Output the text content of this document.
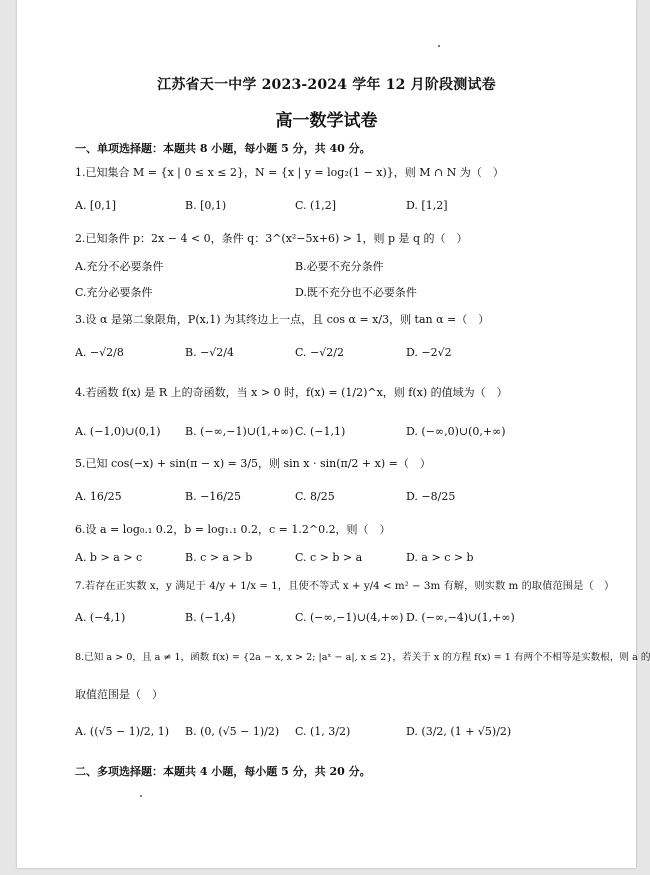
江苏省天一中学 2023-2024 学年 12 月阶段测试卷
高一数学试卷
一、单项选择题：本题共 8 小题，每小题 5 分，共 40 分。
1.已知集合 M = {x | 0 ≤ x ≤ 2}，N = {x | y = log₂(1 − x)}，则 M ∩ N 为（　）
A. [0,1]	B. [0,1)	C. (1,2]	D. [1,2]
2.已知条件 p：2x − 4 < 0，条件 q：3^(x²−5x+6) > 1，则 p 是 q 的（　）
A.充分不必要条件	B.必要不充分条件
C.充分必要条件	D.既不充分也不必要条件
3.设 α 是第二象限角，P(x,1) 为其终边上一点，且 cos α = x/3，则 tan α =（　）
A. −√2/8	B. −√2/4	C. −√2/2	D. −2√2
4.若函数 f(x) 是 R 上的奇函数，当 x > 0 时，f(x) = (1/2)^x，则 f(x) 的值域为（　）
A. (−1,0)∪(0,1) B. (−∞,−1)∪(1,+∞) C. (−1,1)	D. (−∞,0)∪(0,+∞)
5.已知 cos(−x) + sin(π − x) = 3/5，则 sin x · sin(π/2 + x) =（　）
A. 16/25	B. −16/25	C. 8/25	D. −8/25
6.设 a = log₀.₁ 0.2，b = log₁.₁ 0.2，c = 1.2^0.2，则（　）
A. b > a > c	B. c > a > b	C. c > b > a	D. a > c > b
7.若存在正实数 x，y 满足于 4/y + 1/x = 1，且使不等式 x + y/4 < m² − 3m 有解，则实数 m 的取值范围是（　）
A. (−4,1)	B. (−1,4)	C. (−∞,−1)∪(4,+∞) D. (−∞,−4)∪(1,+∞)
8.已知 a > 0，且 a ≠ 1，函数 f(x) = {2a − x, x > 2; |aˣ − a|, x ≤ 2}，若关于 x 的方程 f(x) = 1 有两个不相等是实数根，则 a 的
取值范围是（　）
A. ((√5 − 1)/2, 1) B. (0, (√5 − 1)/2) C. (1, 3/2)	D. (3/2, (1 + √5)/2)
二、多项选择题：本题共 4 小题，每小题 5 分，共 20 分。
